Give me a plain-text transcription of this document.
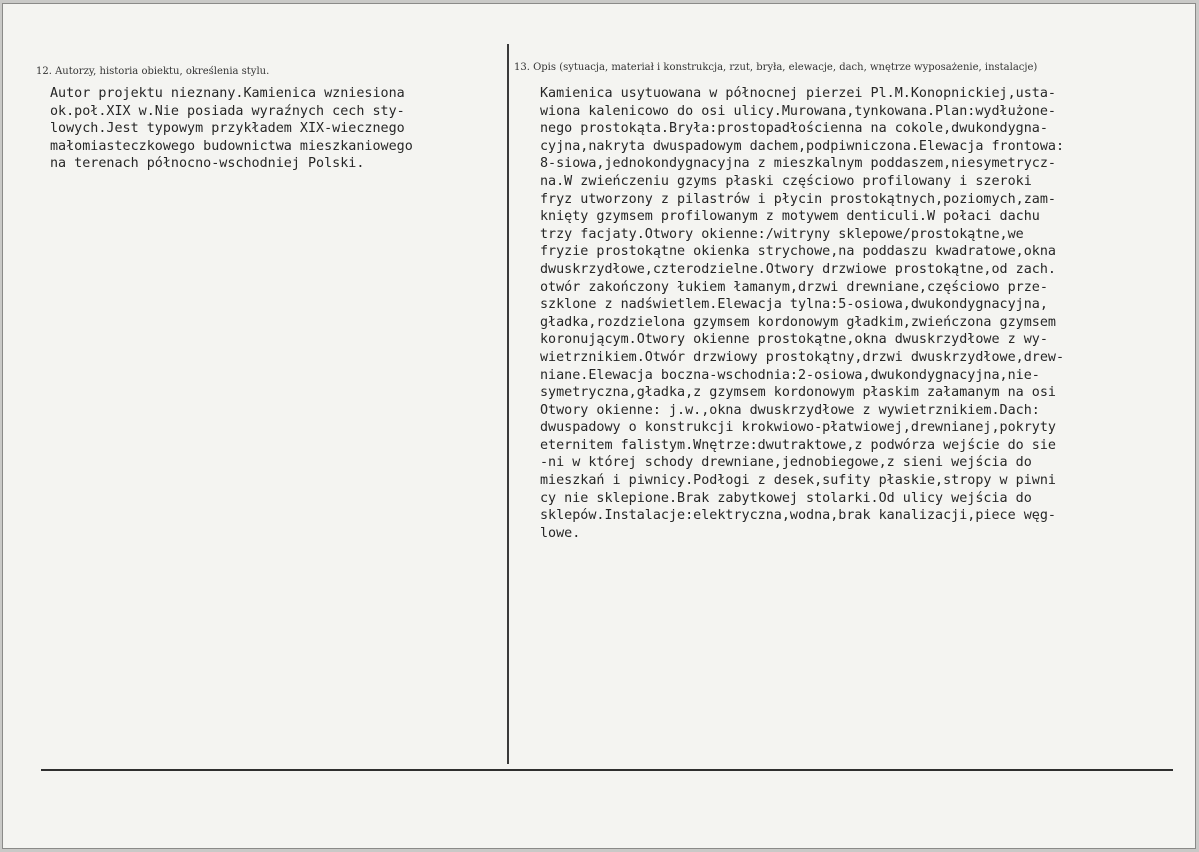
12. Autorzy, historia obiektu, określenia stylu.	13. Opis (sytuacja, materiał i konstrukcja, rzut, bryła, elewacje, dach, wnętrze wyposażenie, instalacje)
Autor projektu nieznany.Kamienica wzniesiona
ok.poł.XIX w.Nie posiada wyraźnych cech sty-
lowych.Jest typowym przykładem XIX-wiecznego
małomiasteczkowego budownictwa mieszkaniowego
na terenach północno-wschodniej Polski.
Kamienica usytuowana w północnej pierzei Pl.M.Konopnickiej,usta-
wiona kalenicowo do osi ulicy.Murowana,tynkowana.Plan:wydłużone-
nego prostokąta.Bryła:prostopadłościenna na cokole,dwukondygna-
cyjna,nakryta dwuspadowym dachem,podpiwniczona.Elewacja frontowa:
8-siowa,jednokondygnacyjna z mieszkalnym poddaszem,niesymetrycz-
na.W zwieńczeniu gzyms płaski częściowo profilowany i szeroki
fryz utworzony z pilastrów i płycin prostokątnych,poziomych,zam-
knięty gzymsem profilowanym z motywem denticuli.W połaci dachu
trzy facjaty.Otwory okienne:/witryny sklepowe/prostokątne,we
fryzie prostokątne okienka strychowe,na poddaszu kwadratowe,okna
dwuskrzydłowe,czterodzielne.Otwory drzwiowe prostokątne,od zach.
otwór zakończony łukiem łamanym,drzwi drewniane,częściowo prze-
szklone z nadświetlem.Elewacja tylna:5-osiowa,dwukondygnacyjna,
gładka,rozdzielona gzymsem kordonowym gładkim,zwieńczona gzymsem
koronującym.Otwory okienne prostokątne,okna dwuskrzydłowe z wy-
wietrznikiem.Otwór drzwiowy prostokątny,drzwi dwuskrzydłowe,drew-
niane.Elewacja boczna-wschodnia:2-osiowa,dwukondygnacyjna,nie-
symetryczna,gładka,z gzymsem kordonowym płaskim załamanym na osi
Otwory okienne: j.w.,okna dwuskrzydłowe z wywietrznikiem.Dach:
dwuspadowy o konstrukcji krokwiowo-płatwiowej,drewnianej,pokryty
eternitem falistym.Wnętrze:dwutraktowe,z podwórza wejście do sie
-ni w której schody drewniane,jednobiegowe,z sieni wejścia do
mieszkań i piwnicy.Podłogi z desek,sufity płaskie,stropy w piwni
cy nie sklepione.Brak zabytkowej stolarki.Od ulicy wejścia do
sklepów.Instalacje:elektryczna,wodna,brak kanalizacji,piece węg-
lowe.
